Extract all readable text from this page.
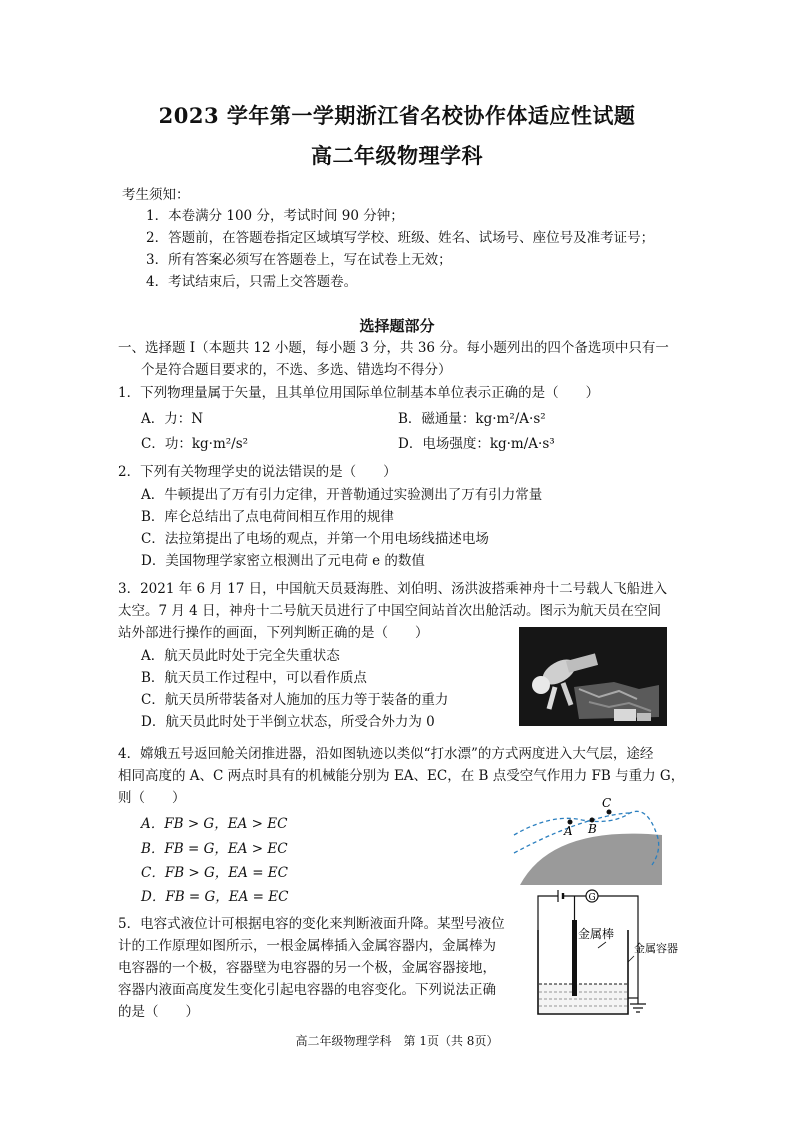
2023 学年第一学期浙江省名校协作体适应性试题
高二年级物理学科
考生须知：
1．本卷满分 100 分，考试时间 90 分钟；
2．答题前，在答题卷指定区域填写学校、班级、姓名、试场号、座位号及准考证号；
3．所有答案必须写在答题卷上，写在试卷上无效；
4．考试结束后，只需上交答题卷。
选择题部分
一、选择题 I（本题共 12 小题，每小题 3 分，共 36 分。每小题列出的四个备选项中只有一
个是符合题目要求的，不选、多选、错选均不得分）
1．下列物理量属于矢量，且其单位用国际单位制基本单位表示正确的是（　　）
A．力：N	B．磁通量：kg·m²/A·s²
C．功：kg·m²/s²	D．电场强度：kg·m/A·s³
2．下列有关物理学史的说法错误的是（　　）
A．牛顿提出了万有引力定律，开普勒通过实验测出了万有引力常量
B．库仑总结出了点电荷间相互作用的规律
C．法拉第提出了电场的观点，并第一个用电场线描述电场
D．美国物理学家密立根测出了元电荷 e 的数值
3．2021 年 6 月 17 日，中国航天员聂海胜、刘伯明、汤洪波搭乘神舟十二号载人飞船进入
太空。7 月 4 日，神舟十二号航天员进行了中国空间站首次出舱活动。图示为航天员在空间
站外部进行操作的画面，下列判断正确的是（　　）
A．航天员此时处于完全失重状态
B．航天员工作过程中，可以看作质点
C．航天员所带装备对人施加的压力等于装备的重力
D．航天员此时处于半倒立状态，所受合外力为 0
4．嫦娥五号返回舱关闭推进器，沿如图轨迹以类似“打水漂”的方式两度进入大气层，途经
相同高度的 A、C 两点时具有的机械能分别为 EA、EC，在 B 点受空气作用力 FB 与重力 G，
则（　　）
A．FB > G，EA > EC
B．FB = G，EA > EC
C．FB > G，EA = EC
D．FB = G，EA = EC
A B
C
5．电容式液位计可根据电容的变化来判断液面升降。某型号液位
计的工作原理如图所示，一根金属棒插入金属容器内，金属棒为
电容器的一个极，容器壁为电容器的另一个极，金属容器接地，
容器内液面高度发生变化引起电容器的电容变化。下列说法正确
的是（　　）
G
金属棒
金属容器
高二年级物理学科　第 1页（共 8页）
